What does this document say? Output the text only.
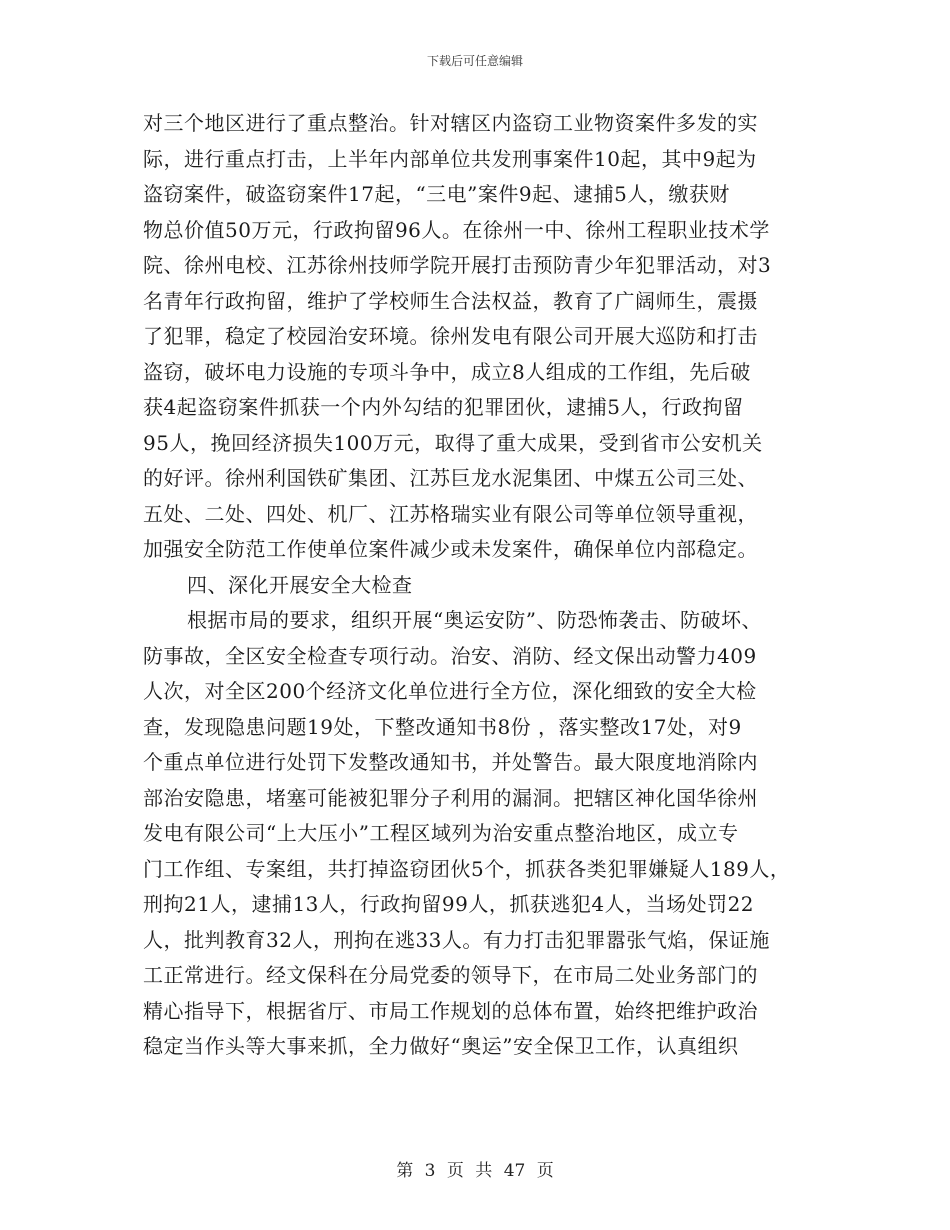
下载后可任意编辑
对三个地区进行了重点整治。针对辖区内盗窃工业物资案件多发的实
际，进行重点打击，上半年内部单位共发刑事案件10起，其中9起为
盗窃案件，破盗窃案件17起，“三电”案件9起、逮捕5人，缴获财
物总价值50万元，行政拘留96人。在徐州一中、徐州工程职业技术学
院、徐州电校、江苏徐州技师学院开展打击预防青少年犯罪活动，对3
名青年行政拘留，维护了学校师生合法权益，教育了广阔师生，震摄
了犯罪，稳定了校园治安环境。徐州发电有限公司开展大巡防和打击
盗窃，破坏电力设施的专项斗争中，成立8人组成的工作组，先后破
获4起盗窃案件抓获一个内外勾结的犯罪团伙，逮捕5人，行政拘留
95人，挽回经济损失100万元，取得了重大成果，受到省市公安机关
的好评。徐州利国铁矿集团、江苏巨龙水泥集团、中煤五公司三处、
五处、二处、四处、机厂、江苏格瑞实业有限公司等单位领导重视，
加强安全防范工作使单位案件减少或未发案件，确保单位内部稳定。
四、深化开展安全大检查
根据市局的要求，组织开展“奥运安防”、防恐怖袭击、防破坏、
防事故，全区安全检查专项行动。治安、消防、经文保出动警力409
人次，对全区200个经济文化单位进行全方位，深化细致的安全大检
查，发现隐患问题19处，下整改通知书8份 ，落实整改17处，对9
个重点单位进行处罚下发整改通知书，并处警告。最大限度地消除内
部治安隐患，堵塞可能被犯罪分子利用的漏洞。把辖区神化国华徐州
发电有限公司“上大压小”工程区域列为治安重点整治地区，成立专
门工作组、专案组，共打掉盗窃团伙5个，抓获各类犯罪嫌疑人189人，
刑拘21人，逮捕13人，行政拘留99人，抓获逃犯4人，当场处罚22
人，批判教育32人，刑拘在逃33人。有力打击犯罪嚣张气焰，保证施
工正常进行。经文保科在分局党委的领导下，在市局二处业务部门的
精心指导下，根据省厅、市局工作规划的总体布置，始终把维护政治
稳定当作头等大事来抓，全力做好“奥运”安全保卫工作，认真组织
第 3 页 共 47 页
